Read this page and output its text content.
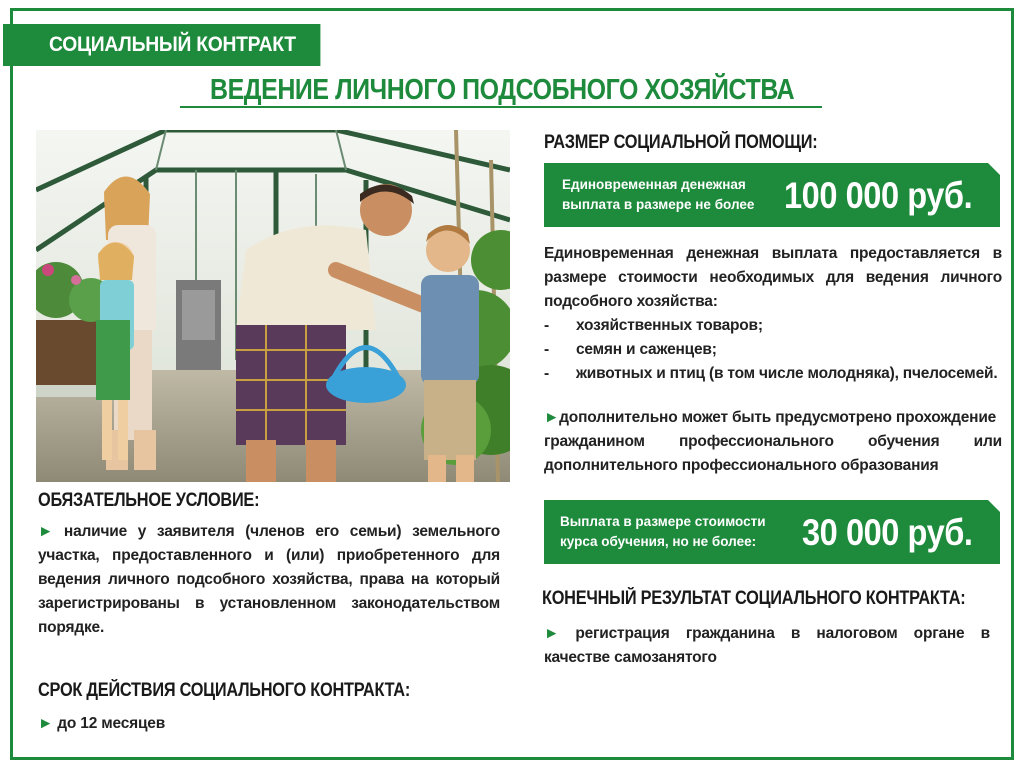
СОЦИАЛЬНЫЙ КОНТРАКТ
ВЕДЕНИЕ ЛИЧНОГО ПОДСОБНОГО ХОЗЯЙСТВА
РАЗМЕР СОЦИАЛЬНОЙ ПОМОЩИ:
Единовременная денежная
выплата в размере не более 100 000 руб.
Единовременная денежная выплата предоставляется в
размере стоимости необходимых для ведения личного
подсобного хозяйства:
-	хозяйственных товаров;
-	семян и саженцев;
-	животных и птиц (в том числе молодняка), пчелосемей.
►дополнительно может быть предусмотрено прохождение
гражданином профессионального обучения или
дополнительного профессионального образования
Выплата в размере стоимости
курса обучения, но не более: 30 000 руб.
КОНЕЧНЫЙ РЕЗУЛЬТАТ СОЦИАЛЬНОГО КОНТРАКТА:
► регистрация гражданина в налоговом органе в
качестве самозанятого
ОБЯЗАТЕЛЬНОЕ УСЛОВИЕ:
► наличие у заявителя (членов его семьи) земельного
участка, предоставленного и (или) приобретенного для
ведения личного подсобного хозяйства, права на который
зарегистрированы в установленном законодательством
порядке.
СРОК ДЕЙСТВИЯ СОЦИАЛЬНОГО КОНТРАКТА:
► до 12 месяцев
